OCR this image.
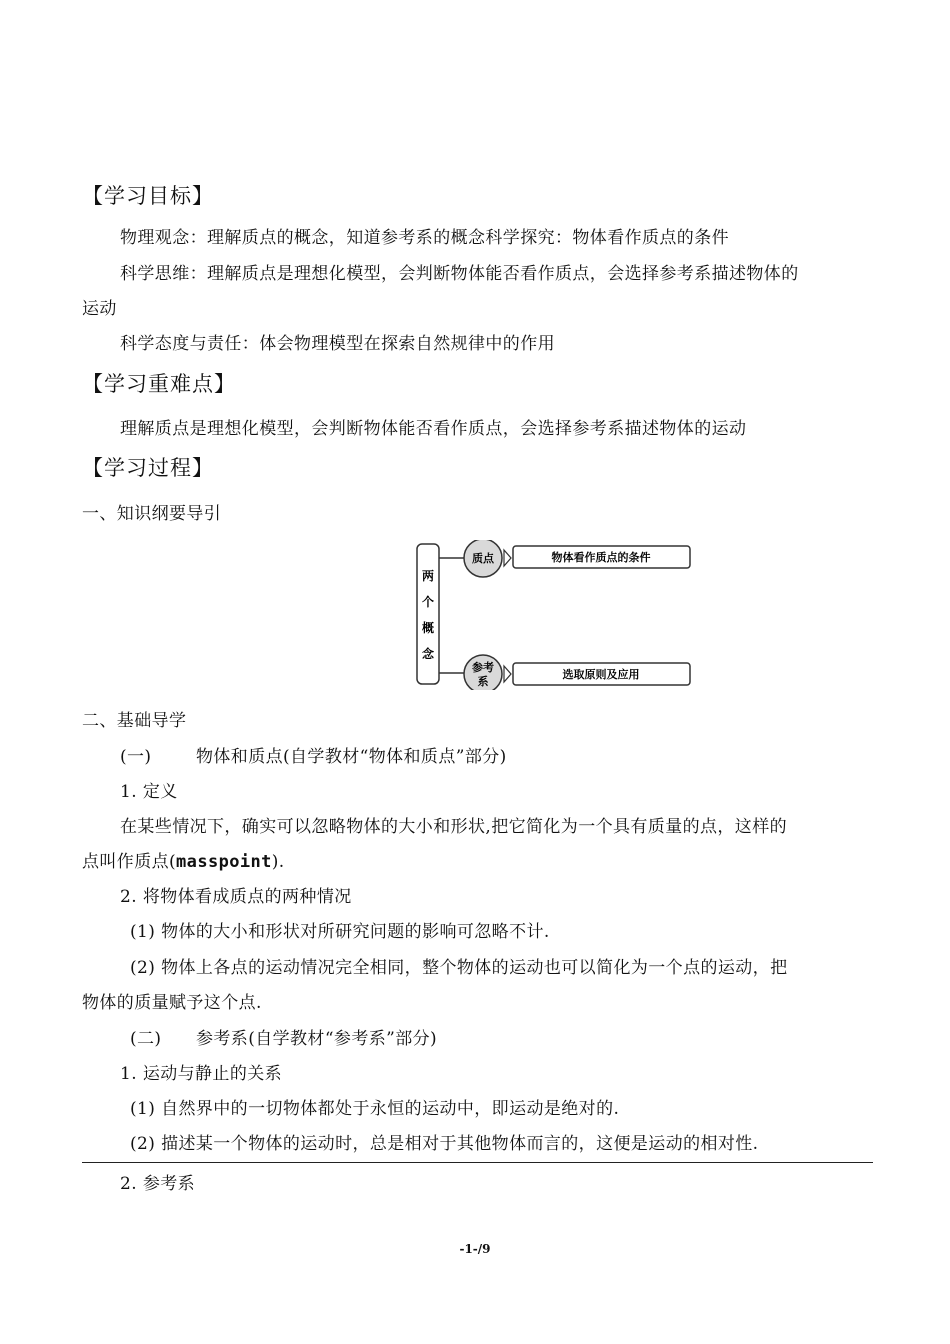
【学习目标】
物理观念：理解质点的概念，知道参考系的概念科学探究：物体看作质点的条件
科学思维：理解质点是理想化模型，会判断物体能否看作质点，会选择参考系描述物体的
运动
科学态度与责任：体会物理模型在探索自然规律中的作用
【学习重难点】
理解质点是理想化模型，会判断物体能否看作质点，会选择参考系描述物体的运动
【学习过程】
一、知识纲要导引
两
个
概
念
质点	物体看作质点的条件
参考
系
选取原则及应用
二、基础导学
(一)	物体和质点(自学教材“物体和质点”部分)
1. 定义
在某些情况下，确实可以忽略物体的大小和形状,把它简化为一个具有质量的点，这样的
点叫作质点(masspoint).
2. 将物体看成质点的两种情况
(1) 物体的大小和形状对所研究问题的影响可忽略不计.
(2) 物体上各点的运动情况完全相同，整个物体的运动也可以简化为一个点的运动，把
物体的质量赋予这个点.
(二) 参考系(自学教材“参考系”部分)
1. 运动与静止的关系
(1) 自然界中的一切物体都处于永恒的运动中，即运动是绝对的.
(2) 描述某一个物体的运动时，总是相对于其他物体而言的，这便是运动的相对性.
2. 参考系
-1-/9
